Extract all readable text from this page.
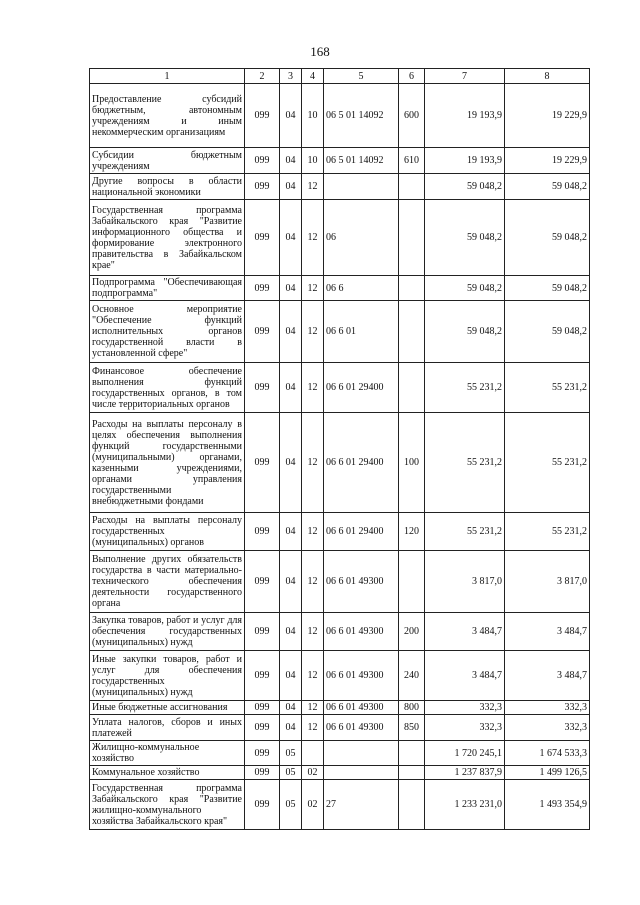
168
1	2	3	4	5	6	7	8
Предоставление субсидий бюджетным, автономным учреждениям и иным некоммерческим организациям	099	04	10	06 5 01 14092	600	19 193,9	19 229,9
Субсидии бюджетным учреждениям	099	04	10	06 5 01 14092	610	19 193,9	19 229,9
Другие вопросы в области национальной экономики	099	04	12			59 048,2	59 048,2
Государственная программа Забайкальского края "Развитие информационного общества и формирование электронного правительства в Забайкальском крае"	099	04	12	06		59 048,2	59 048,2
Подпрограмма "Обеспечивающая подпрограмма"	099	04	12	06 6		59 048,2	59 048,2
Основное мероприятие "Обеспечение функций исполнительных органов государственной власти в установленной сфере"	099	04	12	06 6 01		59 048,2	59 048,2
Финансовое обеспечение выполнения функций государственных органов, в том числе территориальных органов	099	04	12	06 6 01 29400		55 231,2	55 231,2
Расходы на выплаты персоналу в целях обеспечения выполнения функций государственными (муниципальными) органами, казенными учреждениями, органами управления государственными внебюджетными фондами	099	04	12	06 6 01 29400	100	55 231,2	55 231,2
Расходы на выплаты персоналу государственных (муниципальных) органов	099	04	12	06 6 01 29400	120	55 231,2	55 231,2
Выполнение других обязательств государства в части материально-технического обеспечения деятельности государственного органа	099	04	12	06 6 01 49300		3 817,0	3 817,0
Закупка товаров, работ и услуг для обеспечения государственных (муниципальных) нужд	099	04	12	06 6 01 49300	200	3 484,7	3 484,7
Иные закупки товаров, работ и услуг для обеспечения государственных (муниципальных) нужд	099	04	12	06 6 01 49300	240	3 484,7	3 484,7
Иные бюджетные ассигнования	099	04	12	06 6 01 49300	800	332,3	332,3
Уплата налогов, сборов и иных платежей	099	04	12	06 6 01 49300	850	332,3	332,3
Жилищно-коммунальное хозяйство	099	05				1 720 245,1	1 674 533,3
Коммунальное хозяйство	099	05	02			1 237 837,9	1 499 126,5
Государственная программа Забайкальского края "Развитие жилищно-коммунального хозяйства Забайкальского края"	099	05	02	27		1 233 231,0	1 493 354,9
